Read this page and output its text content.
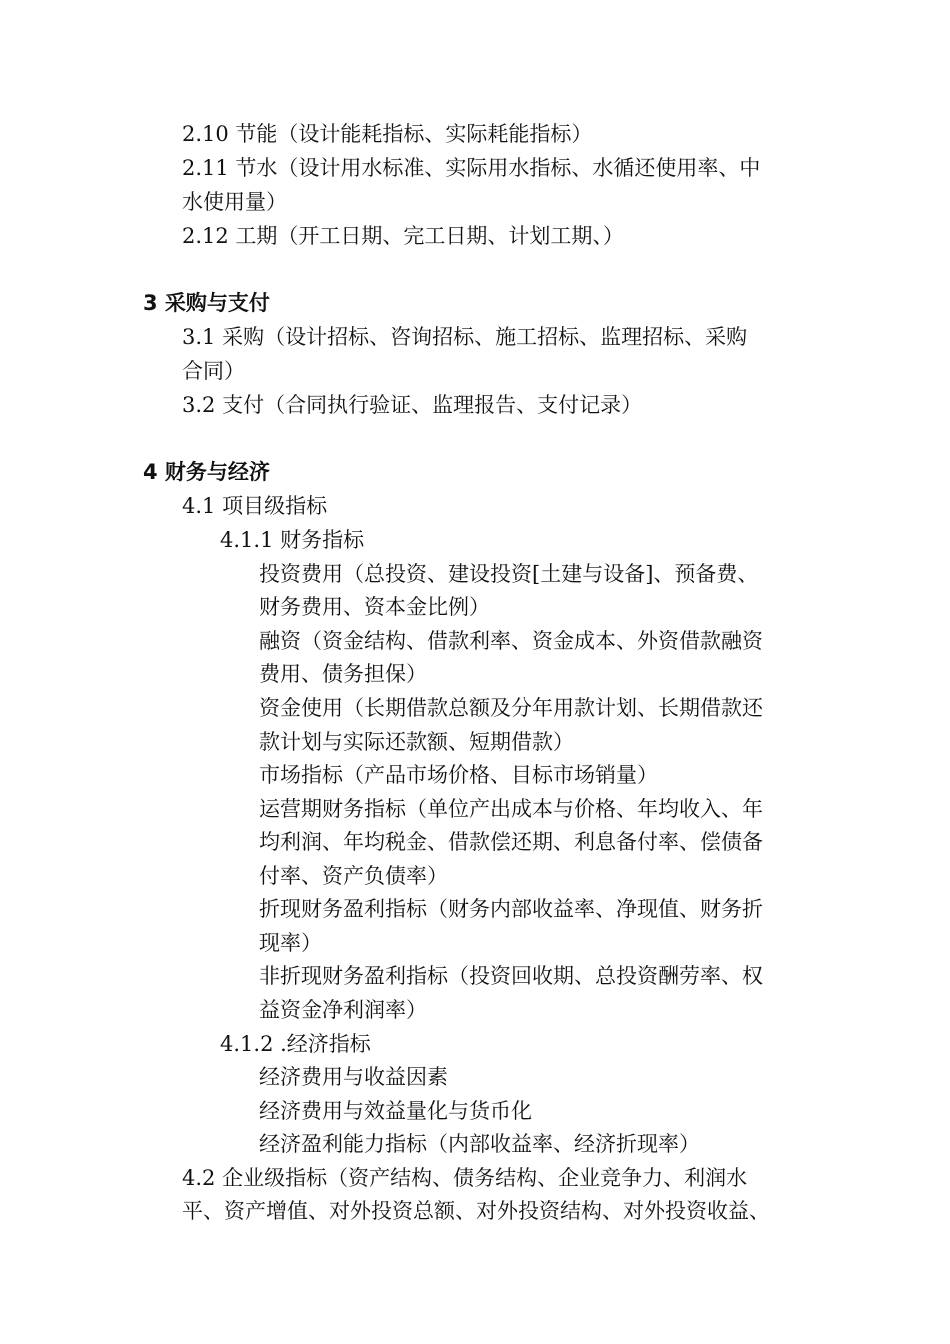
2.10 节能（设计能耗指标、实际耗能指标）
2.11 节水（设计用水标准、实际用水指标、水循还使用率、中
水使用量）
2.12 工期（开工日期、完工日期、计划工期、）
3 采购与支付
3.1 采购（设计招标、咨询招标、施工招标、监理招标、采购
合同）
3.2 支付（合同执行验证、监理报告、支付记录）
4 财务与经济
4.1 项目级指标
4.1.1 财务指标
投资费用（总投资、建设投资[土建与设备]、预备费、
财务费用、资本金比例）
融资（资金结构、借款利率、资金成本、外资借款融资
费用、债务担保）
资金使用（长期借款总额及分年用款计划、长期借款还
款计划与实际还款额、短期借款）
市场指标（产品市场价格、目标市场销量）
运营期财务指标（单位产出成本与价格、年均收入、年
均利润、年均税金、借款偿还期、利息备付率、偿债备
付率、资产负债率）
折现财务盈利指标（财务内部收益率、净现值、财务折
现率）
非折现财务盈利指标（投资回收期、总投资酬劳率、权
益资金净利润率）
4.1.2 .经济指标
经济费用与收益因素
经济费用与效益量化与货币化
经济盈利能力指标（内部收益率、经济折现率）
4.2 企业级指标（资产结构、债务结构、企业竞争力、利润水
平、资产增值、对外投资总额、对外投资结构、对外投资收益、
